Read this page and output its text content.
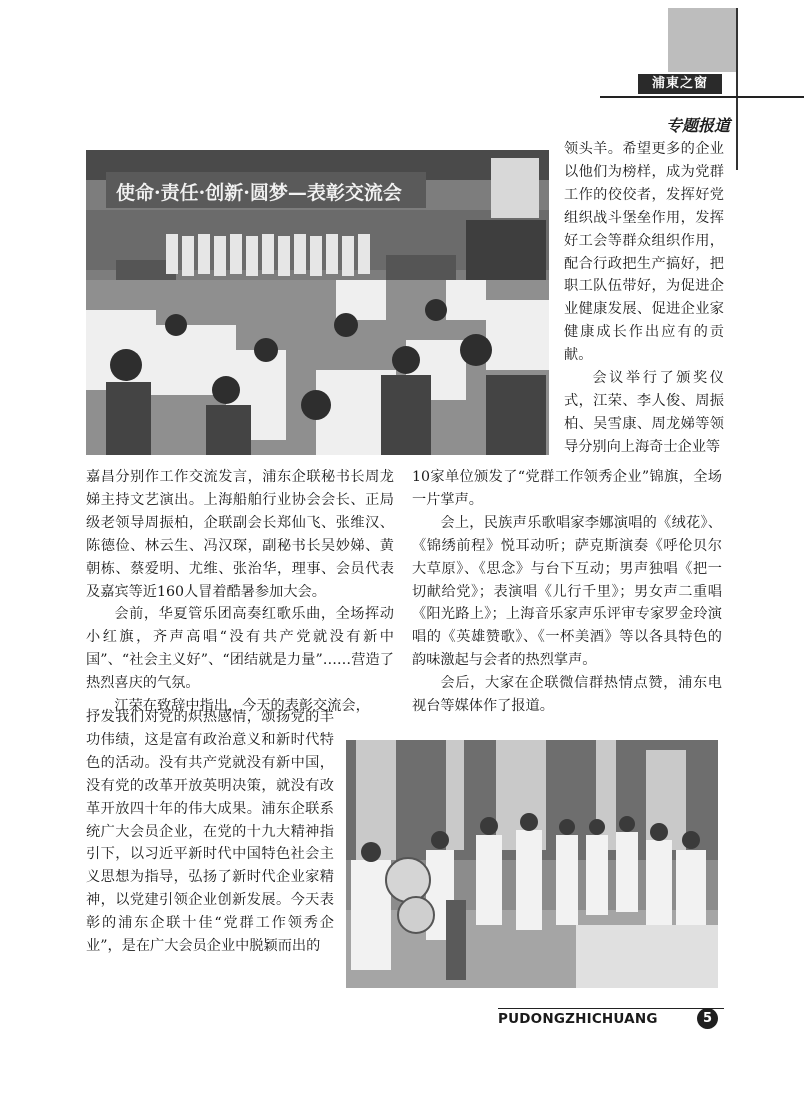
浦東之窗
专题报道
使命·责任·创新·圆梦—表彰交流会

领头羊。希望更多的企业以他们为榜样，成为党群工作的佼佼者，发挥好党组织战斗堡垒作用，发挥好工会等群众组织作用，配合行政把生产搞好，把职工队伍带好，为促进企业健康发展、促进企业家健康成长作出应有的贡献。

会议举行了颁奖仪式，江荣、李人俊、周振柏、吴雪康、周龙娣等领导分别向上海奇士企业等

嘉昌分别作工作交流发言，浦东企联秘书长周龙娣主持文艺演出。上海船舶行业协会会长、正局级老领导周振柏，企联副会长郑仙飞、张维汉、陈德俭、林云生、冯汉琛，副秘书长吴妙娣、黄朝栋、蔡爱明、尤维、张治华，理事、会员代表及嘉宾等近160人冒着酷暑参加大会。

会前，华夏管乐团高奏红歌乐曲，全场挥动小红旗，齐声高唱“没有共产党就没有新中国”、“社会主义好”、“团结就是力量”……营造了热烈喜庆的气氛。

江荣在致辞中指出，今天的表彰交流会，

10家单位颁发了“党群工作领秀企业”锦旗，全场一片掌声。

会上，民族声乐歌唱家李娜演唱的《绒花》、《锦绣前程》悦耳动听；萨克斯演奏《呼伦贝尔大草原》、《思念》与台下互动；男声独唱《把一切献给党》；表演唱《儿行千里》；男女声二重唱《阳光路上》；上海音乐家声乐评审专家罗金玲演唱的《英雄赞歌》、《一杯美酒》等以各具特色的韵味激起与会者的热烈掌声。

会后，大家在企联微信群热情点赞，浦东电视台等媒体作了报道。

抒发我们对党的炽热感情，颂扬党的丰功伟绩，这是富有政治意义和新时代特色的活动。没有共产党就没有新中国，没有党的改革开放英明决策，就没有改革开放四十年的伟大成果。浦东企联系统广大会员企业，在党的十九大精神指引下，以习近平新时代中国特色社会主义思想为指导，弘扬了新时代企业家精神，以党建引领企业创新发展。今天表彰的浦东企联十佳“党群工作领秀企业”，是在广大会员企业中脱颖而出的

PUDONGZHICHUANG	5
